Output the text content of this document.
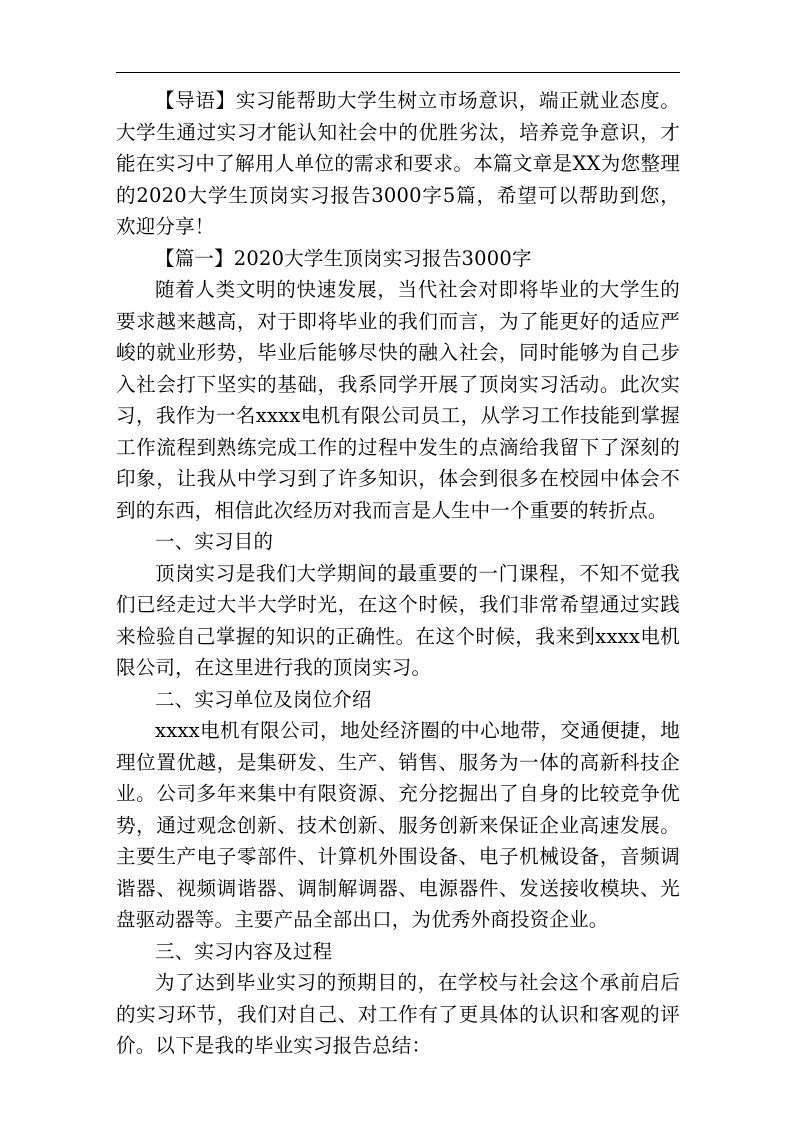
【导语】实习能帮助大学生树立市场意识，端正就业态度。大学生通过实习才能认知社会中的优胜劣汰，培养竞争意识，才能在实习中了解用人单位的需求和要求。本篇文章是XX为您整理的2020大学生顶岗实习报告3000字5篇，希望可以帮助到您，欢迎分享！

【篇一】2020大学生顶岗实习报告3000字

随着人类文明的快速发展，当代社会对即将毕业的大学生的要求越来越高，对于即将毕业的我们而言，为了能更好的适应严峻的就业形势，毕业后能够尽快的融入社会，同时能够为自己步入社会打下坚实的基础，我系同学开展了顶岗实习活动。此次实习，我作为一名xxxx电机有限公司员工，从学习工作技能到掌握工作流程到熟练完成工作的过程中发生的点滴给我留下了深刻的印象，让我从中学习到了许多知识，体会到很多在校园中体会不到的东西，相信此次经历对我而言是人生中一个重要的转折点。

一、实习目的

顶岗实习是我们大学期间的最重要的一门课程，不知不觉我们已经走过大半大学时光，在这个时候，我们非常希望通过实践来检验自己掌握的知识的正确性。在这个时候，我来到xxxx电机限公司，在这里进行我的顶岗实习。

二、实习单位及岗位介绍

xxxx电机有限公司，地处经济圈的中心地带，交通便捷，地理位置优越，是集研发、生产、销售、服务为一体的高新科技企业。公司多年来集中有限资源、充分挖掘出了自身的比较竞争优势，通过观念创新、技术创新、服务创新来保证企业高速发展。主要生产电子零部件、计算机外围设备、电子机械设备，音频调谐器、视频调谐器、调制解调器、电源器件、发送接收模块、光盘驱动器等。主要产品全部出口，为优秀外商投资企业。

三、实习内容及过程

为了达到毕业实习的预期目的，在学校与社会这个承前启后的实习环节，我们对自己、对工作有了更具体的认识和客观的评价。以下是我的毕业实习报告总结：
